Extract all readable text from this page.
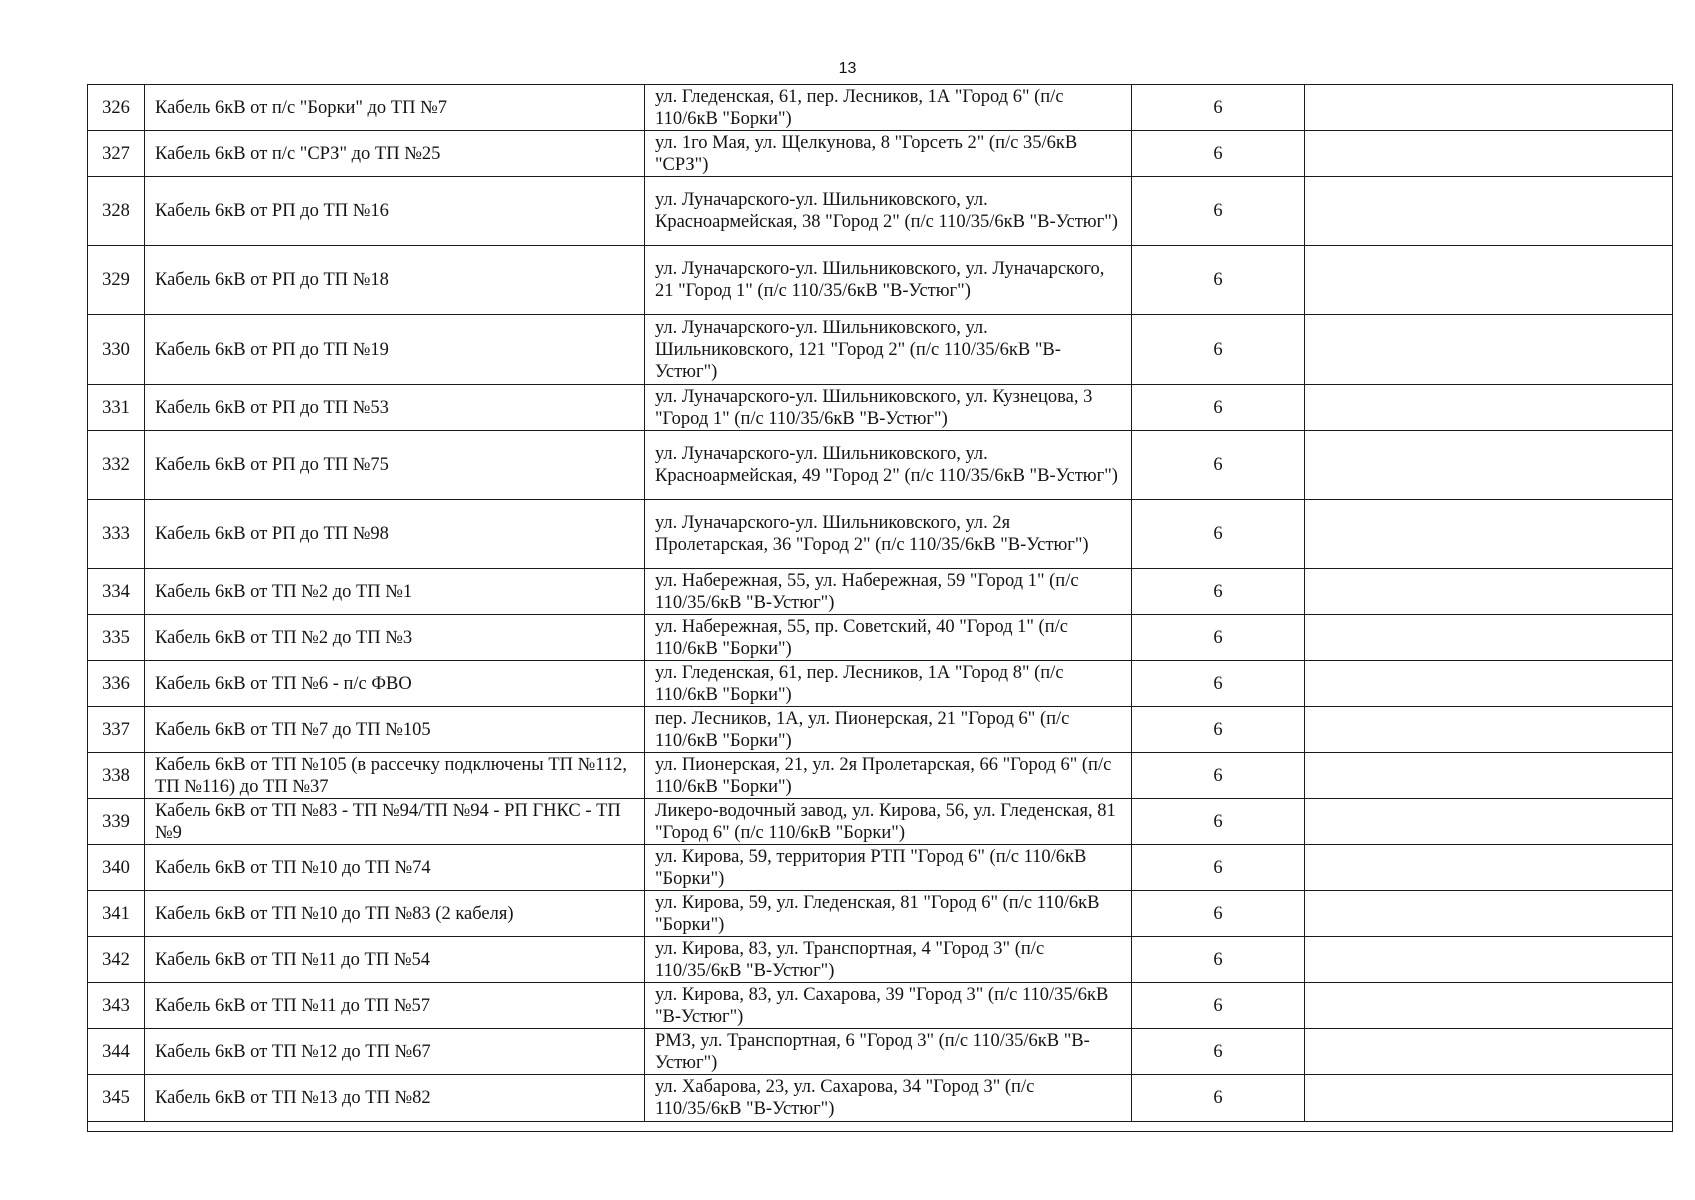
13
326	Кабель 6кВ от п/с "Борки" до ТП №7	ул. Гледенская, 61, пер. Лесников, 1А "Город 6" (п/с 110/6кВ "Борки")	6	
327	Кабель 6кВ от п/с "СРЗ" до ТП №25	ул. 1го Мая, ул. Щелкунова, 8 "Горсеть 2" (п/с 35/6кВ "СРЗ")	6	
328	Кабель 6кВ от РП до ТП №16	ул. Луначарского-ул. Шильниковского, ул. Красноармейская, 38 "Город 2" (п/с 110/35/6кВ "В-Устюг")	6	
329	Кабель 6кВ от РП до ТП №18	ул. Луначарского-ул. Шильниковского, ул. Луначарского, 21 "Город 1" (п/с 110/35/6кВ "В-Устюг")	6	
330	Кабель 6кВ от РП до ТП №19	ул. Луначарского-ул. Шильниковского, ул. Шильниковского, 121 "Город 2" (п/с 110/35/6кВ "В-Устюг")	6	
331	Кабель 6кВ от РП до ТП №53	ул. Луначарского-ул. Шильниковского, ул. Кузнецова, 3 "Город 1" (п/с 110/35/6кВ "В-Устюг")	6	
332	Кабель 6кВ от РП до ТП №75	ул. Луначарского-ул. Шильниковского, ул. Красноармейская, 49 "Город 2" (п/с 110/35/6кВ "В-Устюг")	6	
333	Кабель 6кВ от РП до ТП №98	ул. Луначарского-ул. Шильниковского, ул. 2я Пролетарская, 36 "Город 2" (п/с 110/35/6кВ "В-Устюг")	6	
334	Кабель 6кВ от ТП №2 до ТП №1	ул. Набережная, 55, ул. Набережная, 59 "Город 1" (п/с 110/35/6кВ "В-Устюг")	6	
335	Кабель 6кВ от ТП №2 до ТП №3	ул. Набережная, 55, пр. Советский, 40 "Город 1" (п/с 110/6кВ "Борки")	6	
336	Кабель 6кВ от ТП №6 - п/с ФВО	ул. Гледенская, 61, пер. Лесников, 1А "Город 8" (п/с 110/6кВ "Борки")	6	
337	Кабель 6кВ от ТП №7 до ТП №105	пер. Лесников, 1А, ул. Пионерская, 21 "Город 6" (п/с 110/6кВ "Борки")	6	
338	Кабель 6кВ от ТП №105 (в рассечку подключены ТП №112, ТП №116) до ТП №37	ул. Пионерская, 21, ул. 2я Пролетарская, 66 "Город 6" (п/с 110/6кВ "Борки")	6	
339	Кабель 6кВ от ТП №83 - ТП №94/ТП №94 - РП ГНКС - ТП №9	Ликеро-водочный завод, ул. Кирова, 56, ул. Гледенская, 81 "Город 6" (п/с 110/6кВ "Борки")	6	
340	Кабель 6кВ от ТП №10 до ТП №74	ул. Кирова, 59, территория РТП "Город 6" (п/с 110/6кВ "Борки")	6	
341	Кабель 6кВ от ТП №10 до ТП №83 (2 кабеля)	ул. Кирова, 59, ул. Гледенская, 81 "Город 6" (п/с 110/6кВ "Борки")	6	
342	Кабель 6кВ от ТП №11 до ТП №54	ул. Кирова, 83, ул. Транспортная, 4 "Город 3" (п/с 110/35/6кВ "В-Устюг")	6	
343	Кабель 6кВ от ТП №11 до ТП №57	ул. Кирова, 83, ул. Сахарова, 39 "Город 3" (п/с 110/35/6кВ "В-Устюг")	6	
344	Кабель 6кВ от ТП №12 до ТП №67	РМЗ, ул. Транспортная, 6 "Город 3" (п/с 110/35/6кВ "В-Устюг")	6	
345	Кабель 6кВ от ТП №13 до ТП №82	ул. Хабарова, 23, ул. Сахарова, 34 "Город 3" (п/с 110/35/6кВ "В-Устюг")	6	
